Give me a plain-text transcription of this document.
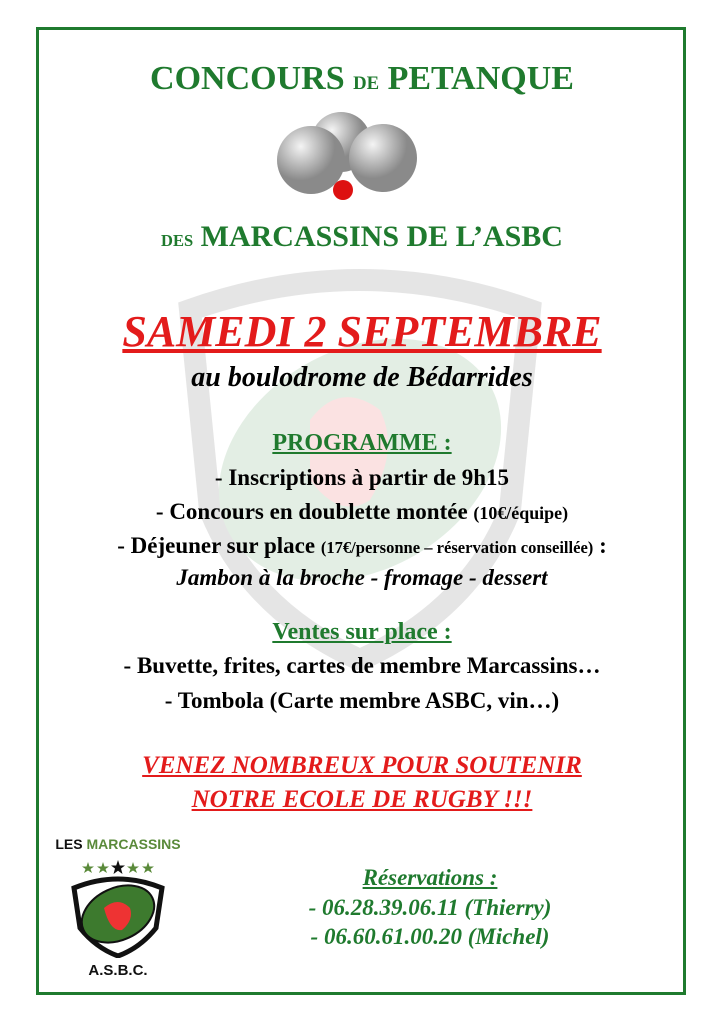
CONCOURS DE PETANQUE
DES MARCASSINS DE L’ASBC
SAMEDI 2 SEPTEMBRE
au boulodrome de Bédarrides
PROGRAMME :
- Inscriptions à partir de 9h15
- Concours en doublette montée (10€/équipe)
- Déjeuner sur place (17€/personne – réservation conseillée) :
Jambon à la broche - fromage - dessert
Ventes sur place :
- Buvette, frites, cartes de membre Marcassins…
- Tombola (Carte membre ASBC, vin…)
VENEZ NOMBREUX POUR SOUTENIR
NOTRE ECOLE DE RUGBY !!!
LES MARCASSINS
A.S.B.C.
Réservations :
- 06.28.39.06.11 (Thierry)
- 06.60.61.00.20 (Michel)
